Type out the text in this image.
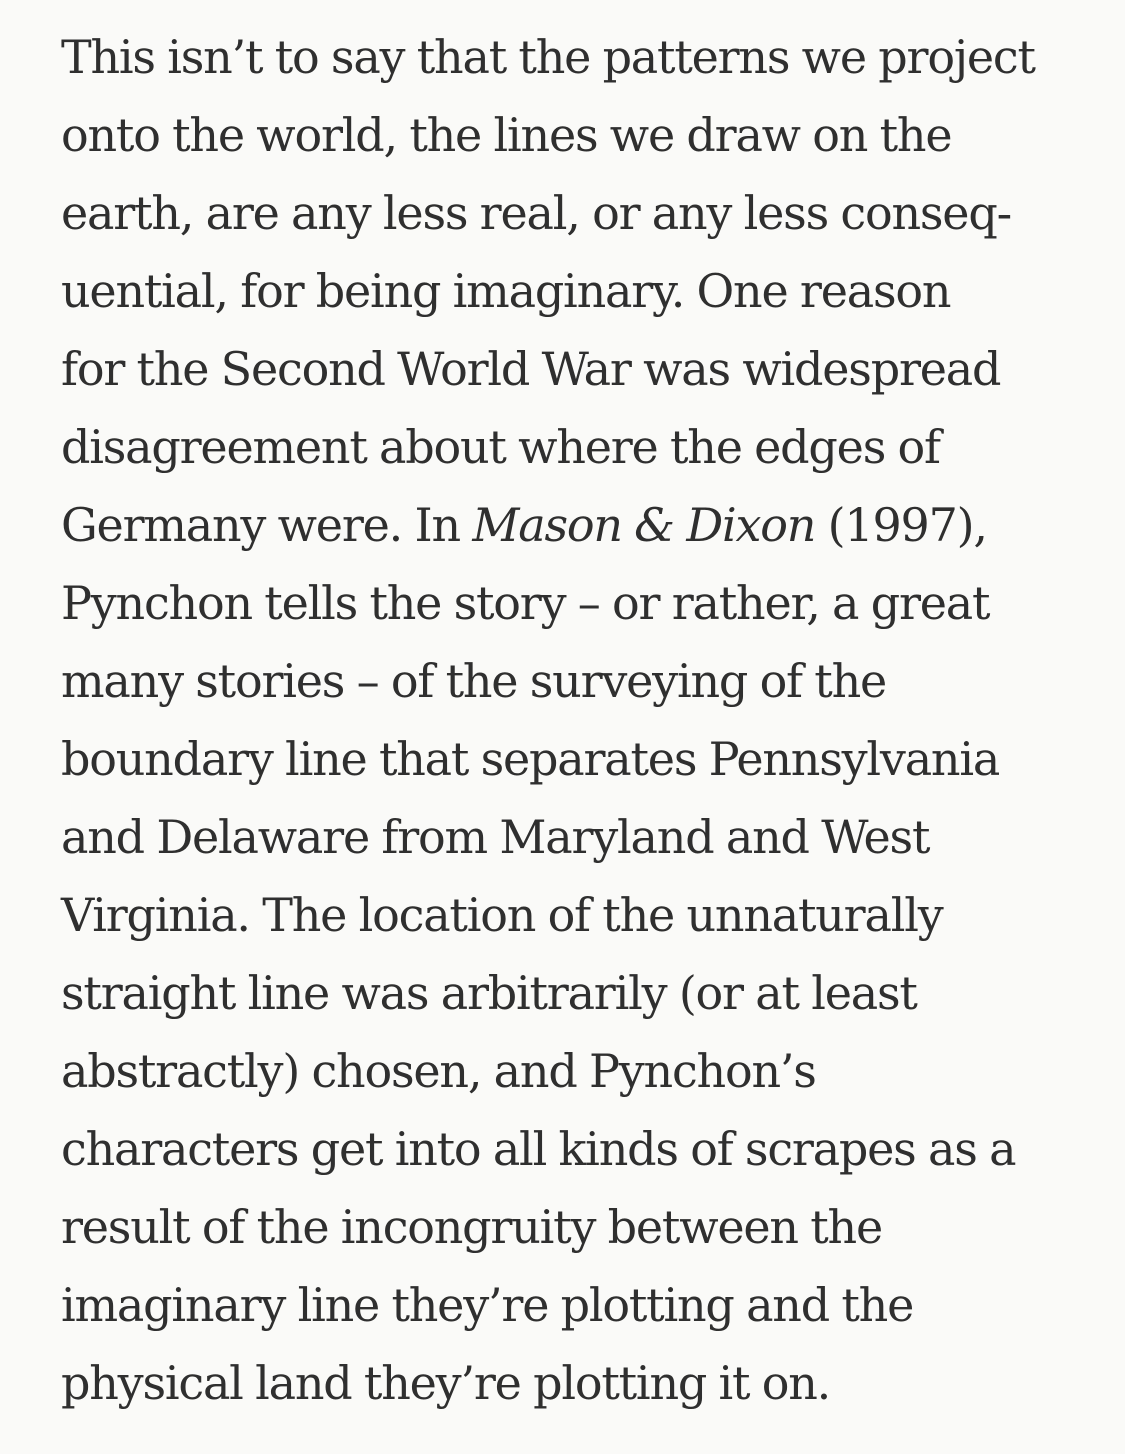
This isn’t to say that the patterns we project
onto the world, the lines we draw on the
earth, are any less real, or any less conseq-
uential, for being imaginary. One reason
for the Second World War was widespread
disagreement about where the edges of
Germany were. In Mason & Dixon (1997),
Pynchon tells the story – or rather, a great
many stories – of the surveying of the
boundary line that separates Pennsylvania
and Delaware from Maryland and West
Virginia. The location of the unnaturally
straight line was arbitrarily (or at least
abstractly) chosen, and Pynchon’s
characters get into all kinds of scrapes as a
result of the incongruity between the
imaginary line they’re plotting and the
physical land they’re plotting it on.
